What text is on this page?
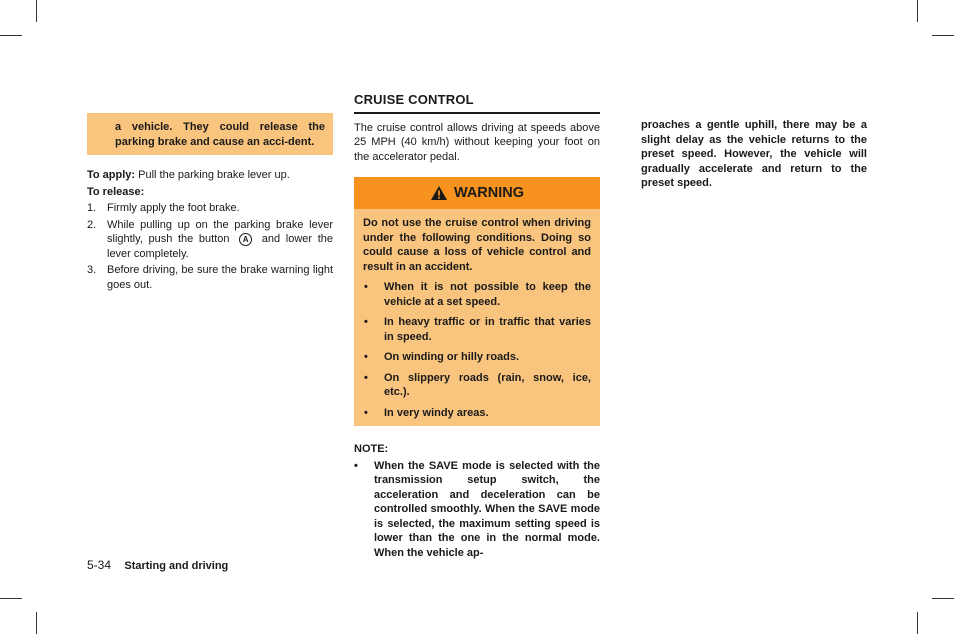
a vehicle. They could release the parking brake and cause an acci-dent.
To apply: Pull the parking brake lever up.
To release:
1. Firmly apply the foot brake.
2. While pulling up on the parking brake lever slightly, push the button A and lower the lever completely.
3. Before driving, be sure the brake warning light goes out.
CRUISE CONTROL
The cruise control allows driving at speeds above 25 MPH (40 km/h) without keeping your foot on the accelerator pedal.
WARNING
Do not use the cruise control when driving under the following conditions. Doing so could cause a loss of vehicle control and result in an accident.
•	When it is not possible to keep the vehicle at a set speed.
•	In heavy traffic or in traffic that varies in speed.
•	On winding or hilly roads.
•	On slippery roads (rain, snow, ice, etc.).
•	In very windy areas.
NOTE:
•	When the SAVE mode is selected with the transmission setup switch, the acceleration and deceleration can be controlled smoothly. When the SAVE mode is selected, the maximum setting speed is lower than the one in the normal mode. When the vehicle ap-
proaches a gentle uphill, there may be a slight delay as the vehicle returns to the preset speed. However, the vehicle will gradually accelerate and return to the preset speed.
5-34 Starting and driving
